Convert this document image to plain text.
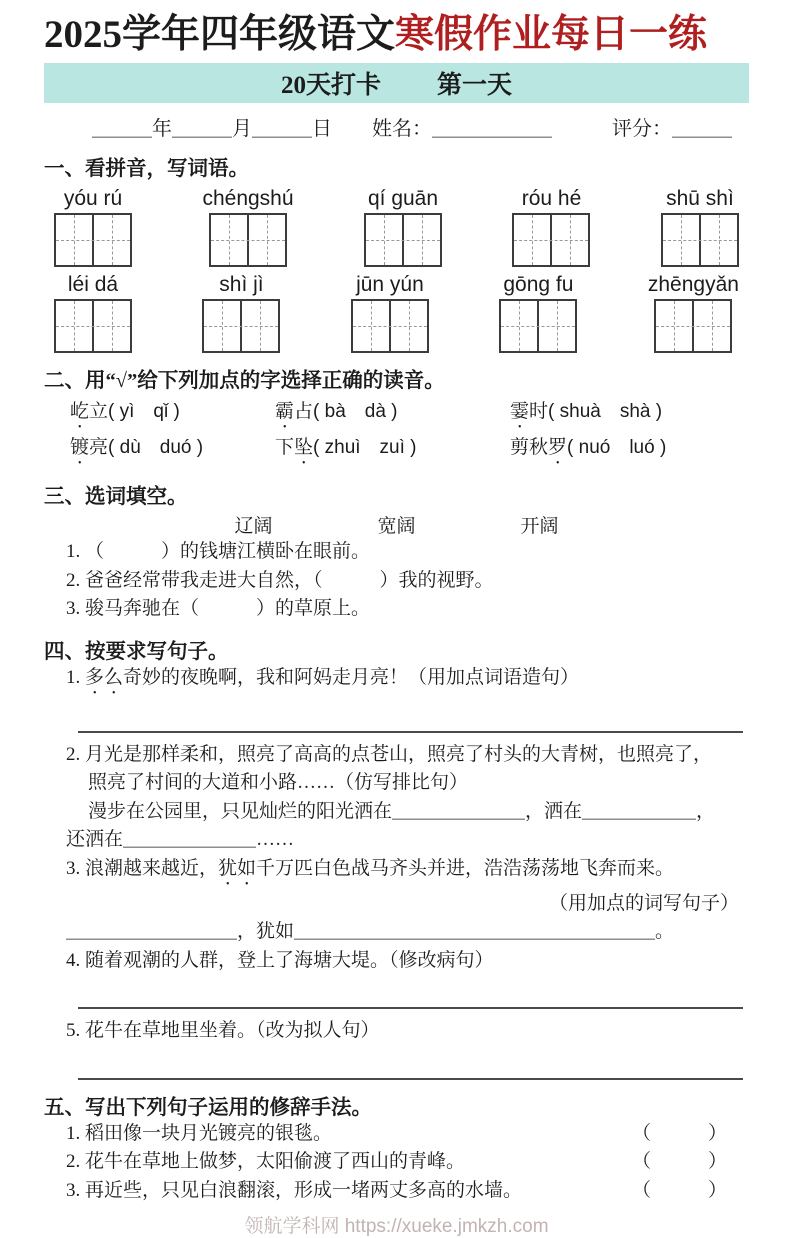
2025学年四年级语文寒假作业每日一练
20天打卡 第一天
＿＿＿年＿＿＿月＿＿＿日　　姓名：＿＿＿＿＿＿　　　评分：＿＿＿
一、看拼音，写词语。
yóu rú	chéngshú	qí guān	róu hé	shū shì
léi dá	shì jì	jūn yún	gōng fu	zhēngyǎn
二、用“√”给下列加点的字选择正确的读音。
屹立( yì　qǐ )	霸占( bà　dà )	霎时( shuà　shà )
镀亮( dù　duó )	下坠( zhuì　zuì )	剪秋罗( nuó　luó )
三、选词填空。
辽阔	宽阔	开阔
1. （　　　）的钱塘江横卧在眼前。
2. 爸爸经常带我走进大自然，（　　　）我的视野。
3. 骏马奔驰在（　　　）的草原上。
四、按要求写句子。
1. 多么奇妙的夜晚啊，我和阿妈走月亮！（用加点词语造句）
2. 月光是那样柔和，照亮了高高的点苍山，照亮了村头的大青树，也照亮了，
照亮了村间的大道和小路……（仿写排比句）
漫步在公园里，只见灿烂的阳光洒在＿＿＿＿＿＿＿，洒在＿＿＿＿＿＿，
还洒在＿＿＿＿＿＿＿……
3. 浪潮越来越近，犹如千万匹白色战马齐头并进，浩浩荡荡地飞奔而来。
（用加点的词写句子）
＿＿＿＿＿＿＿＿＿，犹如＿＿＿＿＿＿＿＿＿＿＿＿＿＿＿＿＿＿＿。
4. 随着观潮的人群，登上了海塘大堤。（修改病句）
5. 花牛在草地里坐着。（改为拟人句）
五、写出下列句子运用的修辞手法。
1. 稻田像一块月光镀亮的银毯。	（　　　）
2. 花牛在草地上做梦，太阳偷渡了西山的青峰。	（　　　）
3. 再近些，只见白浪翻滚，形成一堵两丈多高的水墙。	（　　　）
领航学科网 https://xueke.jmkzh.com
